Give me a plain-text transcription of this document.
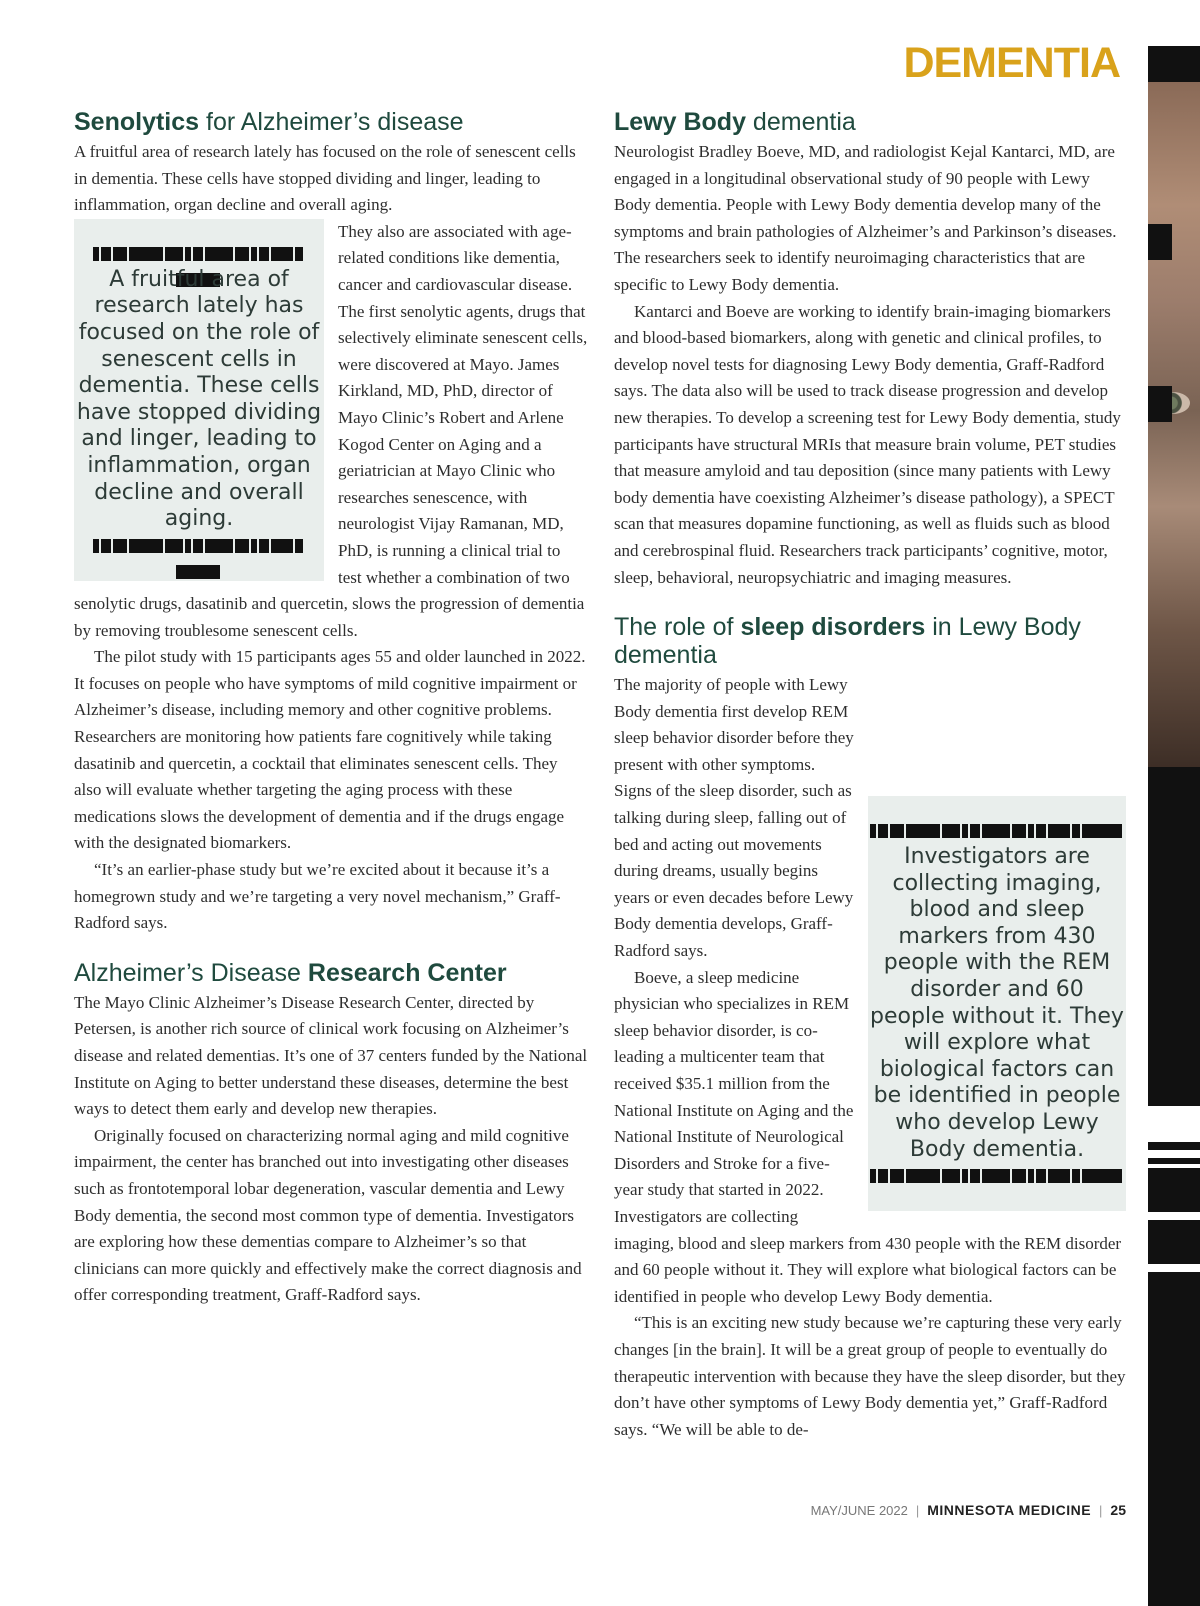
DEMENTIA
Senolytics for Alzheimer’s disease

A fruitful area of research lately has focused on the role of senescent cells in dementia. These cells have stopped dividing and linger, leading to inflammation, organ decline and overall aging.

A fruitful area of research lately has focused on the role of senescent cells in dementia. These cells have stopped dividing and linger, leading to inflammation, organ decline and overall aging.

They also are associated with age-related conditions like dementia, cancer and cardiovascular disease. The first senolytic agents, drugs that selectively eliminate senescent cells, were discovered at Mayo. James Kirkland, MD, PhD, director of Mayo Clinic’s Robert and Arlene Kogod Center on Aging and a geriatrician at Mayo Clinic who researches senescence, with neurologist Vijay Ramanan, MD, PhD, is running a clinical trial to test whether a combination of two senolytic drugs, dasatinib and quercetin, slows the progression of dementia by removing troublesome senescent cells.

The pilot study with 15 participants ages 55 and older launched in 2022. It focuses on people who have symptoms of mild cognitive impairment or Alzheimer’s disease, including memory and other cognitive problems. Researchers are monitoring how patients fare cognitively while taking dasatinib and quercetin, a cocktail that eliminates senescent cells. They also will evaluate whether targeting the aging process with these medications slows the development of dementia and if the drugs engage with the designated biomarkers.

“It’s an earlier-phase study but we’re excited about it because it’s a homegrown study and we’re targeting a very novel mechanism,” Graff-Radford says.

Alzheimer’s Disease Research Center

The Mayo Clinic Alzheimer’s Disease Research Center, directed by Petersen, is another rich source of clinical work focusing on Alzheimer’s disease and related dementias. It’s one of 37 centers funded by the National Institute on Aging to better understand these diseases, determine the best ways to detect them early and develop new therapies.

Originally focused on characterizing normal aging and mild cognitive impairment, the center has branched out into investigating other diseases such as frontotemporal lobar degeneration, vascular dementia and Lewy Body dementia, the second most common type of dementia. Investigators are exploring how these dementias compare to Alzheimer’s so that clinicians can more quickly and effectively make the correct diagnosis and offer corresponding treatment, Graff-Radford says.

Lewy Body dementia

Neurologist Bradley Boeve, MD, and radiologist Kejal Kantarci, MD, are engaged in a longitudinal observational study of 90 people with Lewy Body dementia. People with Lewy Body dementia develop many of the symptoms and brain pathologies of Alzheimer’s and Parkinson’s diseases. The researchers seek to identify neuroimaging characteristics that are specific to Lewy Body dementia.

Kantarci and Boeve are working to identify brain-imaging biomarkers and blood-based biomarkers, along with genetic and clinical profiles, to develop novel tests for diagnosing Lewy Body dementia, Graff-Radford says. The data also will be used to track disease progression and develop new therapies. To develop a screening test for Lewy Body dementia, study participants have structural MRIs that measure brain volume, PET studies that measure amyloid and tau deposition (since many patients with Lewy body dementia have coexisting Alzheimer’s disease pathology), a SPECT scan that measures dopamine functioning, as well as fluids such as blood and cerebrospinal fluid. Researchers track participants’ cognitive, motor, sleep, behavioral, neuropsychiatric and imaging measures.

The role of sleep disorders in Lewy Body dementia

Investigators are collecting imaging, blood and sleep markers from 430 people with the REM disorder and 60 people without it. They will explore what biological factors can be identified in people who develop Lewy Body dementia.
The majority of people with Lewy Body dementia first develop REM sleep behavior disorder before they present with other symptoms. Signs of the sleep disorder, such as talking during sleep, falling out of bed and acting out movements during dreams, usually begins years or even decades before Lewy Body dementia develops, Graff-Radford says.

Boeve, a sleep medicine physician who specializes in REM sleep behavior disorder, is co-leading a multicenter team that received $35.1 million from the National Institute on Aging and the National Institute of Neurological Disorders and Stroke for a five-year study that started in 2022. Investigators are collecting imaging, blood and sleep markers from 430 people with the REM disorder and 60 people without it. They will explore what biological factors can be identified in people who develop Lewy Body dementia.

“This is an exciting new study because we’re capturing these very early changes [in the brain]. It will be a great group of people to eventually do therapeutic intervention with because they have the sleep disorder, but they don’t have other symptoms of Lewy Body dementia yet,” Graff-Radford says. “We will be able to de-

MAY/JUNE 2022 | MINNESOTA MEDICINE | 25
